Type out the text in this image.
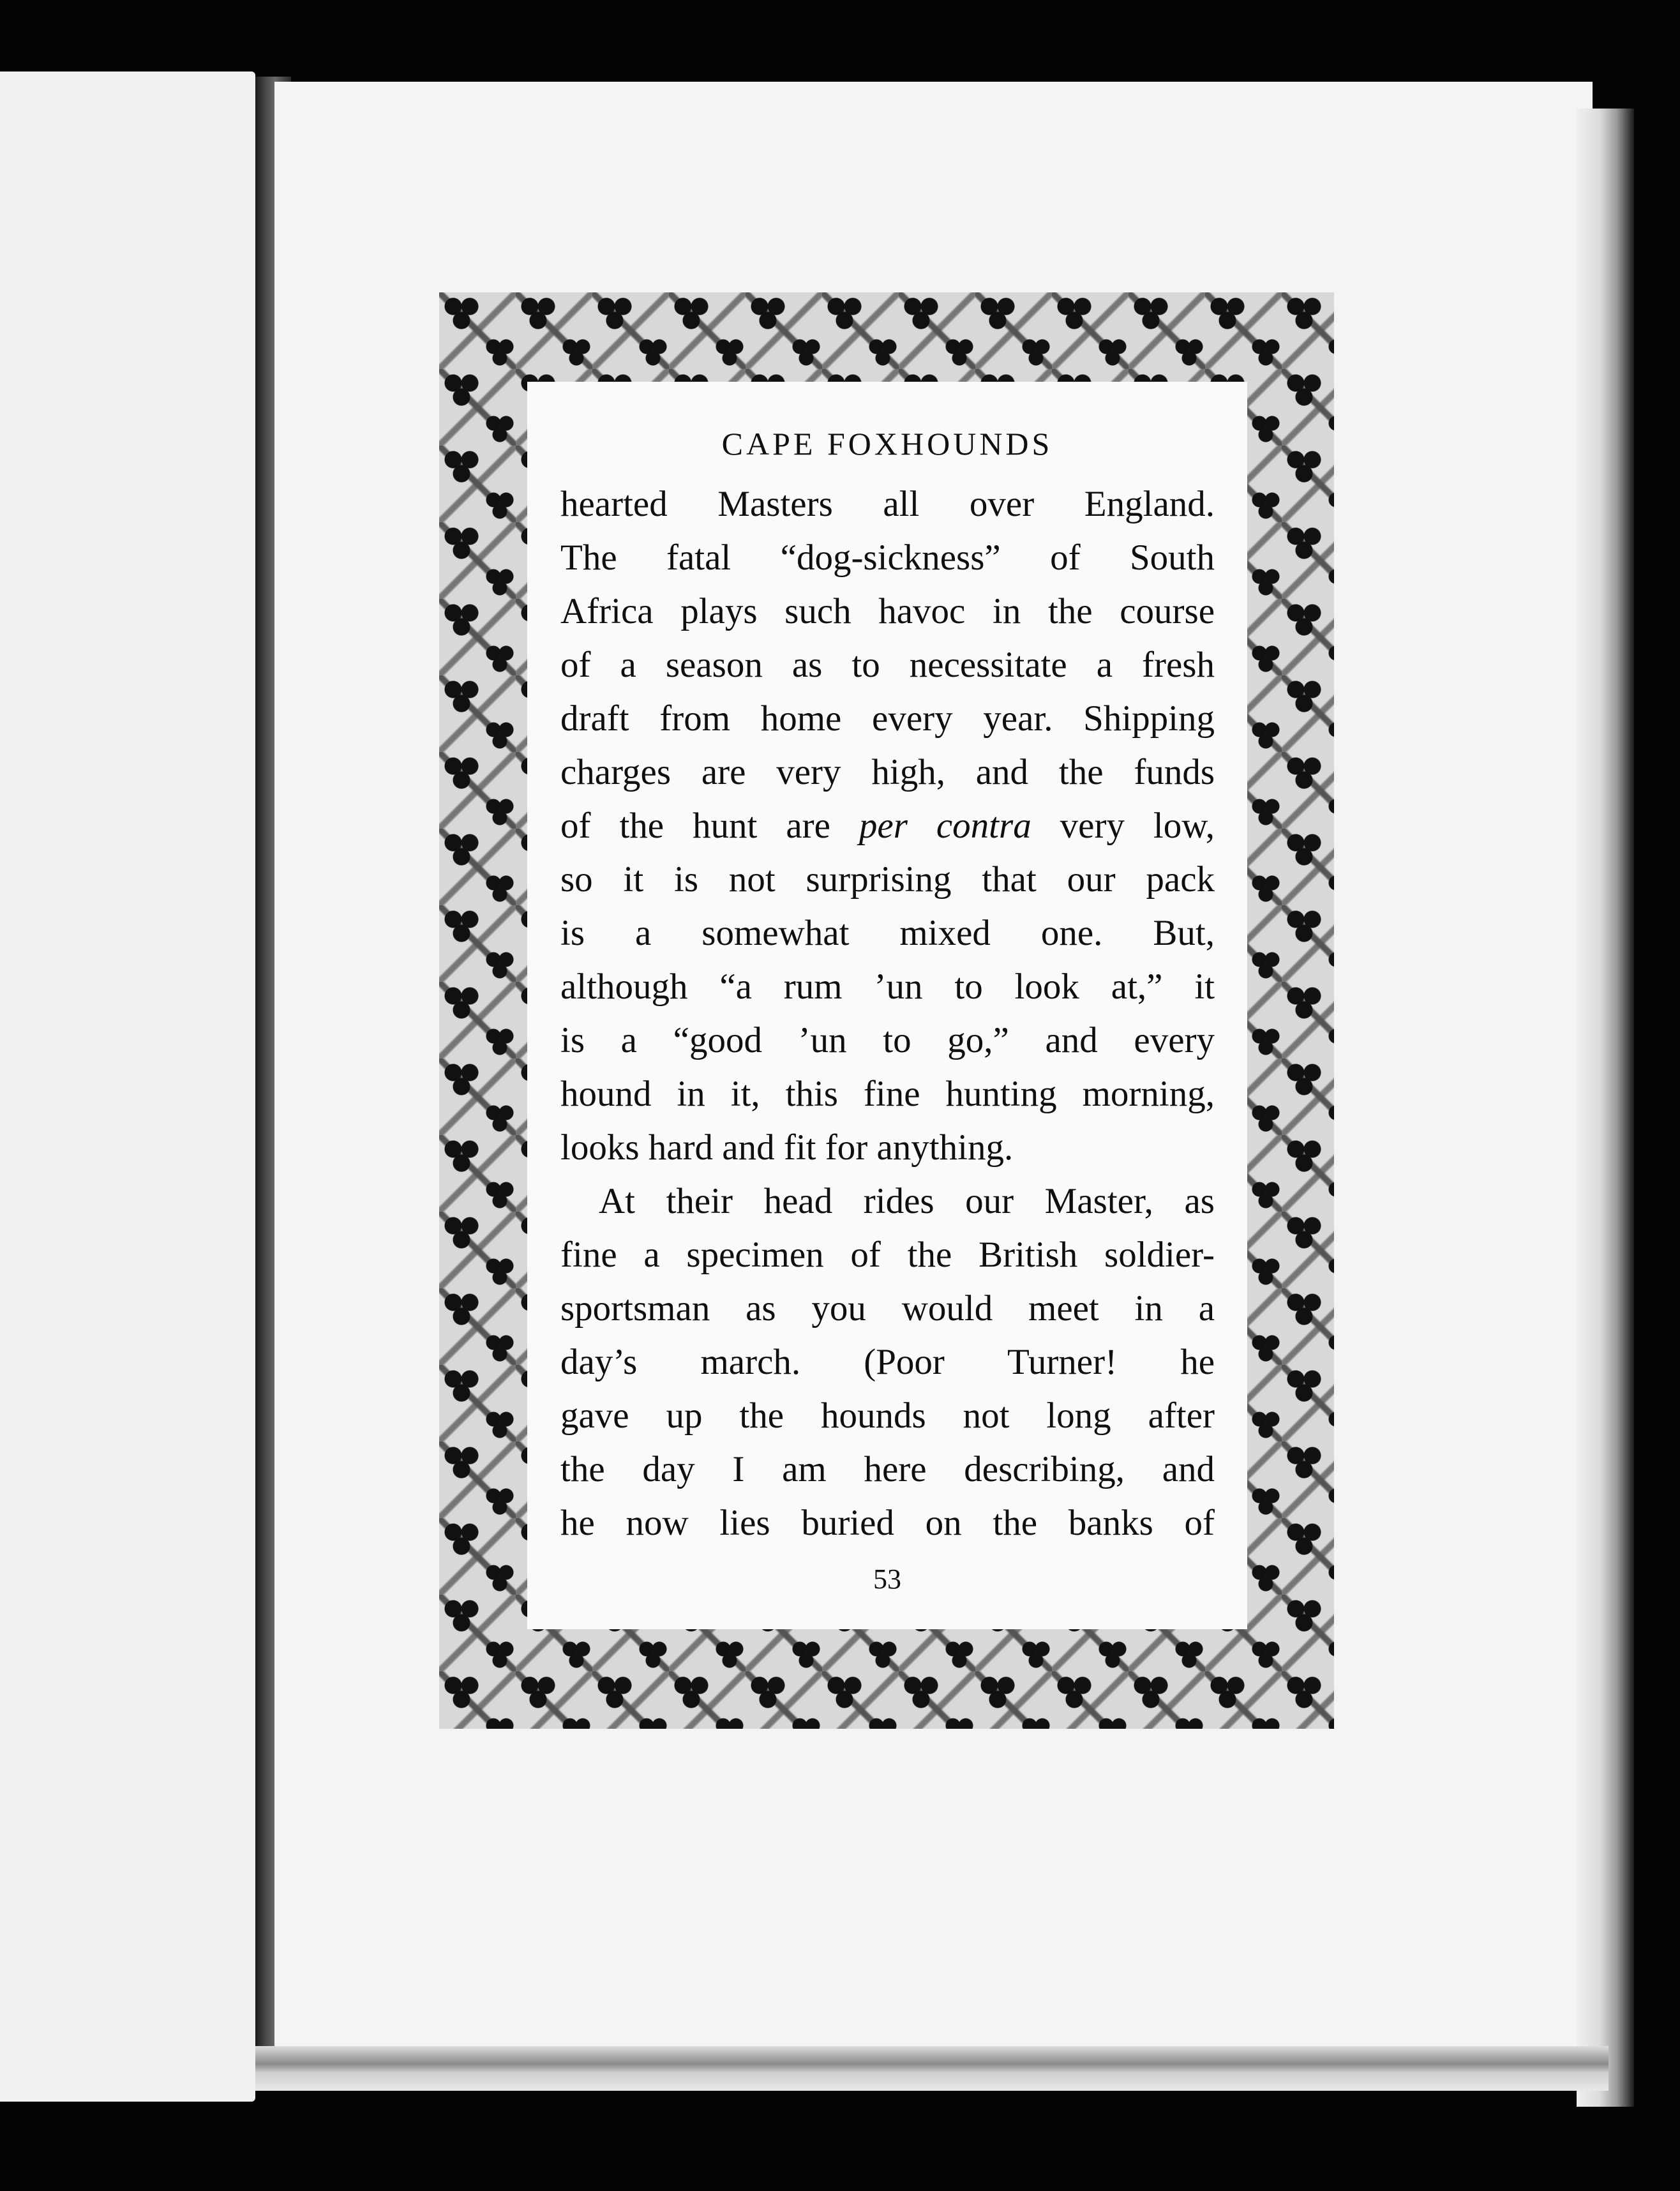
CAPE FOXHOUNDS
hearted Masters all over England.
The fatal “dog-sickness” of South
Africa plays such havoc in the course
of a season as to necessitate a fresh
draft from home every year. Shipping
charges are very high, and the funds
of the hunt are per contra very low,
so it is not surprising that our pack
is a somewhat mixed one. But,
although “a rum ’un to look at,” it
is a “good ’un to go,” and every
hound in it, this fine hunting morning,
looks hard and fit for anything.
At their head rides our Master, as
fine a specimen of the British soldier-
sportsman as you would meet in a
day’s march. (Poor Turner! he
gave up the hounds not long after
the day I am here describing, and
he now lies buried on the banks of
53
